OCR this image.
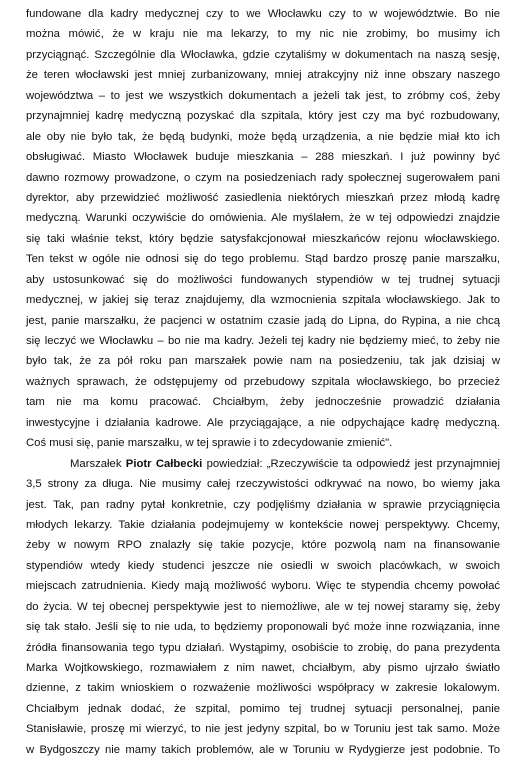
fundowane dla kadry medycznej czy to we Włocławku czy to w województwie. Bo nie
można mówić, że w kraju nie ma lekarzy, to my nic nie zrobimy, bo musimy ich
przyciągnąć. Szczególnie dla Włocławka, gdzie czytaliśmy w dokumentach na naszą sesję,
że teren włocławski jest mniej zurbanizowany, mniej atrakcyjny niż inne obszary naszego
województwa – to jest we wszystkich dokumentach a jeżeli tak jest, to zróbmy coś, żeby
przynajmniej kadrę medyczną pozyskać dla szpitala, który jest czy ma być rozbudowany,
ale oby nie było tak, że będą budynki, może będą urządzenia, a nie będzie miał kto ich
obsługiwać. Miasto Włocławek buduje mieszkania – 288 mieszkań. I już powinny być
dawno rozmowy prowadzone, o czym na posiedzeniach rady społecznej sugerowałem pani
dyrektor, aby przewidzieć możliwość zasiedlenia niektórych mieszkań przez młodą kadrę
medyczną. Warunki oczywiście do omówienia. Ale myślałem, że w tej odpowiedzi znajdzie
się taki właśnie tekst, który będzie satysfakcjonował mieszkańców rejonu włocławskiego.
Ten tekst w ogóle nie odnosi się do tego problemu. Stąd bardzo proszę panie marszałku,
aby ustosunkować się do możliwości fundowanych stypendiów w tej trudnej sytuacji
medycznej, w jakiej się teraz znajdujemy, dla wzmocnienia szpitala włocławskiego. Jak to
jest, panie marszałku, że pacjenci w ostatnim czasie jadą do Lipna, do Rypina, a nie chcą
się leczyć we Włocławku – bo nie ma kadry. Jeżeli tej kadry nie będziemy mieć, to żeby nie
było tak, że za pół roku pan marszałek powie nam na posiedzeniu, tak jak dzisiaj w
ważnych sprawach, że odstępujemy od przebudowy szpitala włocławskiego, bo przecież
tam nie ma komu pracować. Chciałbym, żeby jednocześnie prowadzić działania
inwestycyjne i działania kadrowe. Ale przyciągające, a nie odpychające kadrę medyczną.
Coś musi się, panie marszałku, w tej sprawie i to zdecydowanie zmienić".
Marszałek Piotr Całbecki powiedział: „Rzeczywiście ta odpowiedź jest przynajmniej
3,5 strony za długa. Nie musimy całej rzeczywistości odkrywać na nowo, bo wiemy jaka
jest. Tak, pan radny pytał konkretnie, czy podjęliśmy działania w sprawie przyciągnięcia
młodych lekarzy. Takie działania podejmujemy w kontekście nowej perspektywy. Chcemy,
żeby w nowym RPO znalazły się takie pozycje, które pozwolą nam na finansowanie
stypendiów wtedy kiedy studenci jeszcze nie osiedli w swoich placówkach, w swoich
miejscach zatrudnienia. Kiedy mają możliwość wyboru. Więc te stypendia chcemy powołać
do życia. W tej obecnej perspektywie jest to niemożliwe, ale w tej nowej staramy się, żeby
się tak stało. Jeśli się to nie uda, to będziemy proponowali być może inne rozwiązania, inne
źródła finansowania tego typu działań. Wystąpimy, osobiście to zrobię, do pana prezydenta
Marka Wojtkowskiego, rozmawiałem z nim nawet, chciałbym, aby pismo ujrzało światło
dzienne, z takim wnioskiem o rozważenie możliwości współpracy w zakresie lokalowym.
Chciałbym jednak dodać, że szpital, pomimo tej trudnej sytuacji personalnej, panie
Stanisławie, proszę mi wierzyć, to nie jest jedyny szpital, bo w Toruniu jest tak samo. Może
w Bydgoszczy nie mamy takich problemów, ale w Toruniu w Rydygierze jest podobnie. To
